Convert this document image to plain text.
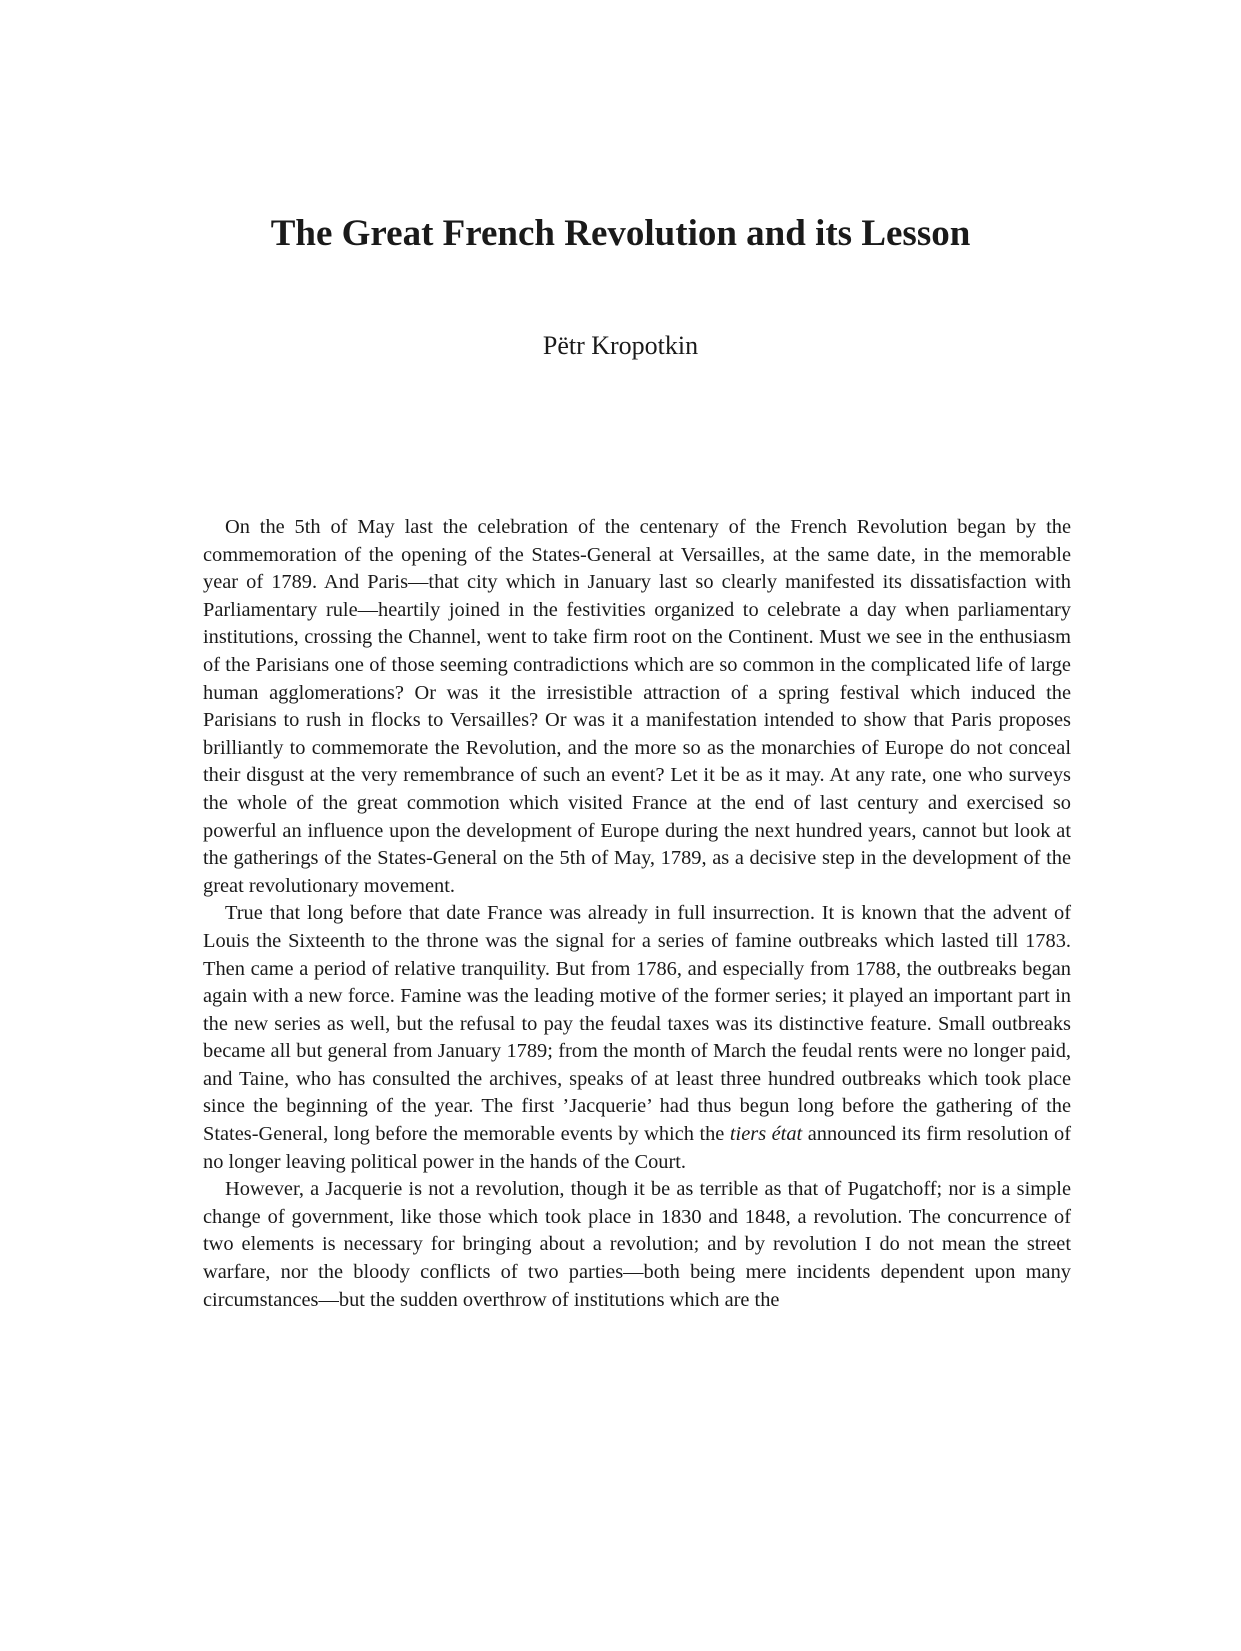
The Great French Revolution and its Lesson
Pëtr Kropotkin

On the 5th of May last the celebration of the centenary of the French Revolution began by the commemoration of the opening of the States-General at Versailles, at the same date, in the memorable year of 1789. And Paris—that city which in January last so clearly manifested its dissatisfaction with Parliamentary rule—heartily joined in the festivities organized to celebrate a day when parliamentary institutions, crossing the Channel, went to take firm root on the Continent. Must we see in the enthusiasm of the Parisians one of those seeming contradictions which are so common in the complicated life of large human agglomerations? Or was it the irresistible attraction of a spring festival which induced the Parisians to rush in flocks to Versailles? Or was it a manifestation intended to show that Paris proposes brilliantly to commemorate the Revolution, and the more so as the monarchies of Europe do not conceal their disgust at the very remembrance of such an event? Let it be as it may. At any rate, one who surveys the whole of the great commotion which visited France at the end of last century and exercised so powerful an influence upon the development of Europe during the next hundred years, cannot but look at the gatherings of the States-General on the 5th of May, 1789, as a decisive step in the development of the great revolutionary movement.

True that long before that date France was already in full insurrection. It is known that the advent of Louis the Sixteenth to the throne was the signal for a series of famine outbreaks which lasted till 1783. Then came a period of relative tranquility. But from 1786, and especially from 1788, the outbreaks began again with a new force. Famine was the leading motive of the former series; it played an important part in the new series as well, but the refusal to pay the feudal taxes was its distinctive feature. Small outbreaks became all but general from January 1789; from the month of March the feudal rents were no longer paid, and Taine, who has consulted the archives, speaks of at least three hundred outbreaks which took place since the beginning of the year. The first ’Jacquerie’ had thus begun long before the gathering of the States-General, long before the memorable events by which the tiers état announced its firm resolution of no longer leaving political power in the hands of the Court.

However, a Jacquerie is not a revolution, though it be as terrible as that of Pugatchoff; nor is a simple change of government, like those which took place in 1830 and 1848, a revolution. The concurrence of two elements is necessary for bringing about a revolution; and by revolution I do not mean the street warfare, nor the bloody conflicts of two parties—both being mere incidents dependent upon many circumstances—but the sudden overthrow of institutions which are the
